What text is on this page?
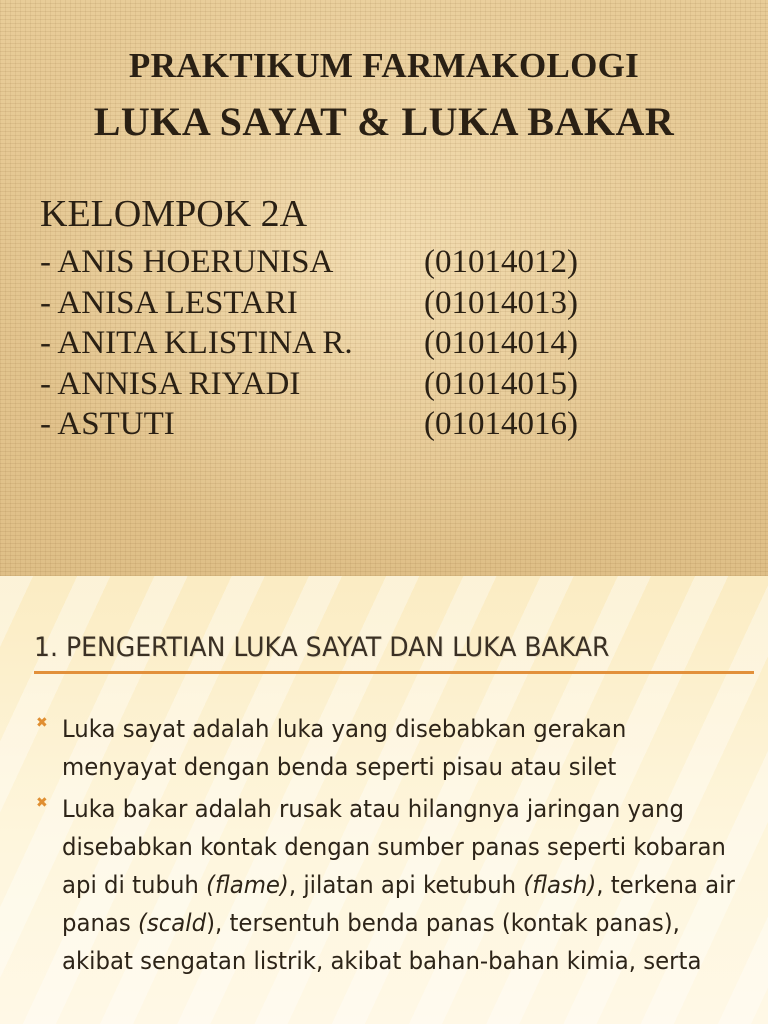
PRAKTIKUM FARMAKOLOGI
LUKA SAYAT & LUKA BAKAR
KELOMPOK 2A
- ANIS HOERUNISA	(01014012)
- ANISA LESTARI	(01014013)
- ANITA KLISTINA R. (01014014)
- ANNISA RIYADI	(01014015)
- ASTUTI	(01014016)
1. PENGERTIAN LUKA SAYAT DAN LUKA BAKAR
✖ Luka sayat adalah luka yang disebabkan gerakan menyayat dengan benda seperti pisau atau silet
✖ Luka bakar adalah rusak atau hilangnya jaringan yang disebabkan kontak dengan sumber panas seperti kobaran api di tubuh (flame), jilatan api ketubuh (flash), terkena air panas (scald), tersentuh benda panas (kontak panas), akibat sengatan listrik, akibat bahan-bahan kimia, serta
